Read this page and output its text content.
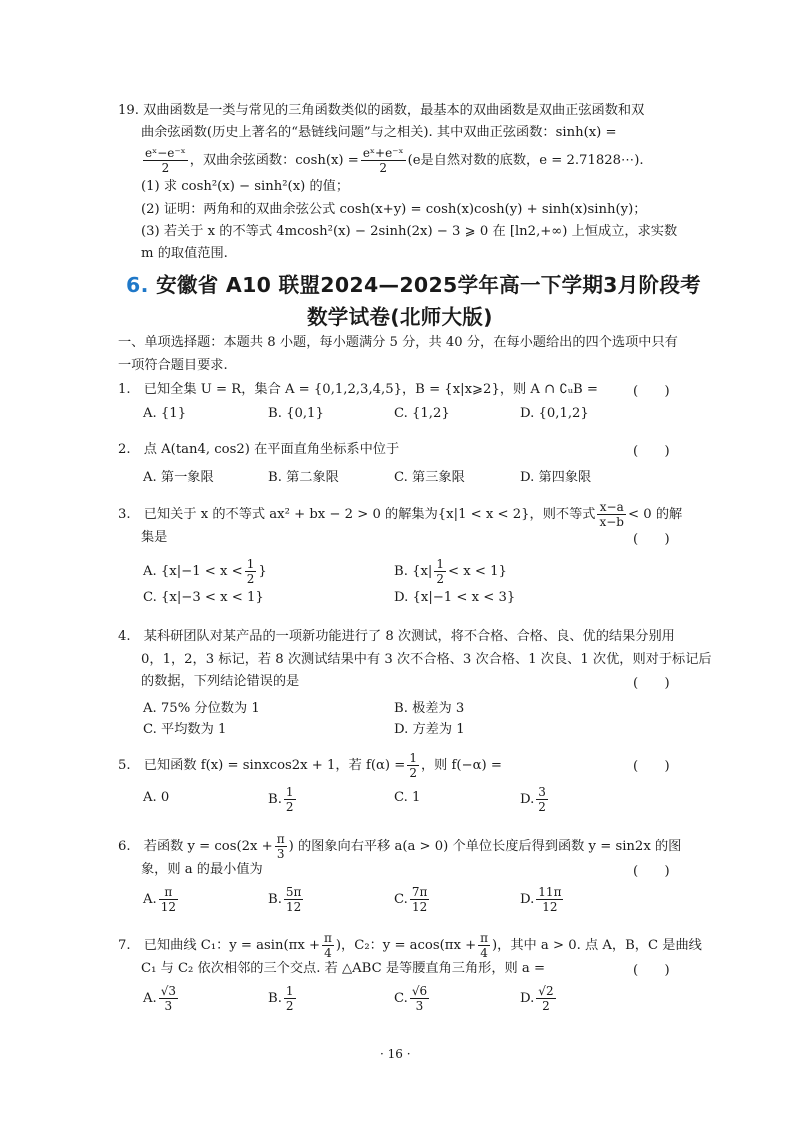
19. 双曲函数是一类与常见的三角函数类似的函数，最基本的双曲函数是双曲正弦函数和双
曲余弦函数(历史上著名的“悬链线问题”与之相关). 其中双曲正弦函数：sinh(x) =
$\frac{\text{eˣ−e⁻ˣ}}{2}$ ，双曲余弦函数：$\cosh(x) = \frac{\text{eˣ+e⁻ˣ}}{2} (e$是自然对数的底数，e = 2.71828⋯).
(1) 求 cosh²(x) − sinh²(x) 的值；
(2) 证明：两角和的双曲余弦公式 cosh(x+y) = cosh(x)cosh(y) + sinh(x)sinh(y)；
(3) 若关于 x 的不等式 4mcosh²(x) − 2sinh(2x) − 3 ⩾ 0 在 [ln2,+∞) 上恒成立，求实数
m 的取值范围.
6. 安徽省 A10 联盟2024—2025学年高一下学期3月阶段考
数学试卷(北师大版)
一、单项选择题：本题共 8 小题，每小题满分 5 分，共 40 分，在每小题给出的四个选项中只有
一项符合题目要求.
1.　 已知全集 U = R，集合 A = {0,1,2,3,4,5}，B = {x|x⩾2}，则 A ∩ ∁ᵤB =	(　　)
A. {1}	B. {0,1}	C. {1,2}	D. {0,1,2}
2.　 点 A(tan4, cos2) 在平面直角坐标系中位于	(　　)
A. 第一象限	B. 第二象限	C. 第三象限	D. 第四象限
3.　 已知关于 x 的不等式 ax² + bx − 2 > 0 的解集为{x|1 < x < 2}，则不等式 $\frac{x-a}{x-b} < 0$ 的解
集是	(　　)
A. {$x|-1 < x < \frac{1}{2}$ }	B. $\{x| \frac{1}{2} < x < 1\}$
C. {x|−3 < x < 1}	D. {x|−1 < x < 3}
4.　 某科研团队对某产品的一项新功能进行了 8 次测试，将不合格、合格、良、优的结果分别用
0，1，2，3 标记，若 8 次测试结果中有 3 次不合格、3 次合格、1 次良、1 次优，则对于标记后
的数据，下列结论错误的是	(　　)
A. 75% 分位数为 1	B. 极差为 3
C. 平均数为 1	D. 方差为 1
5.　 已知函数 f(x) = sinxcos2x + 1，若 $f(\alpha) = \frac{1}{2}$ ，则 f(−α) =	(　　)
A. 0	B. $\frac{1}{2}$	C. 1	D. $\frac{3}{2}$
6.　 若函数 $y = \cos(2x + \frac{\pi}{3}$ ) 的图象向右平移 a(a > 0) 个单位长度后得到函数 y = sin2x 的图
象，则 a 的最小值为	(　　)
A. $\frac{\pi}{12}$	B. $\frac{5\pi}{12}$	C. $\frac{7\pi}{12}$	D. $\frac{11\pi}{12}$
7.　 已知曲线 C₁：$y = asin(\pi x + \frac{\pi}{4}$ )，C₂：$y = acos(\pi x + \frac{\pi}{4}$ )，其中 a > 0. 点 A，B，C 是曲线
C₁ 与 C₂ 依次相邻的三个交点. 若 △ABC 是等腰直角三角形，则 a =	(　　)
A. $\frac{√3}{3}$	B. $\frac{1}{2}$	C. $\frac{√6}{3}$	D. $\frac{√2}{2}$
· 16 ·
